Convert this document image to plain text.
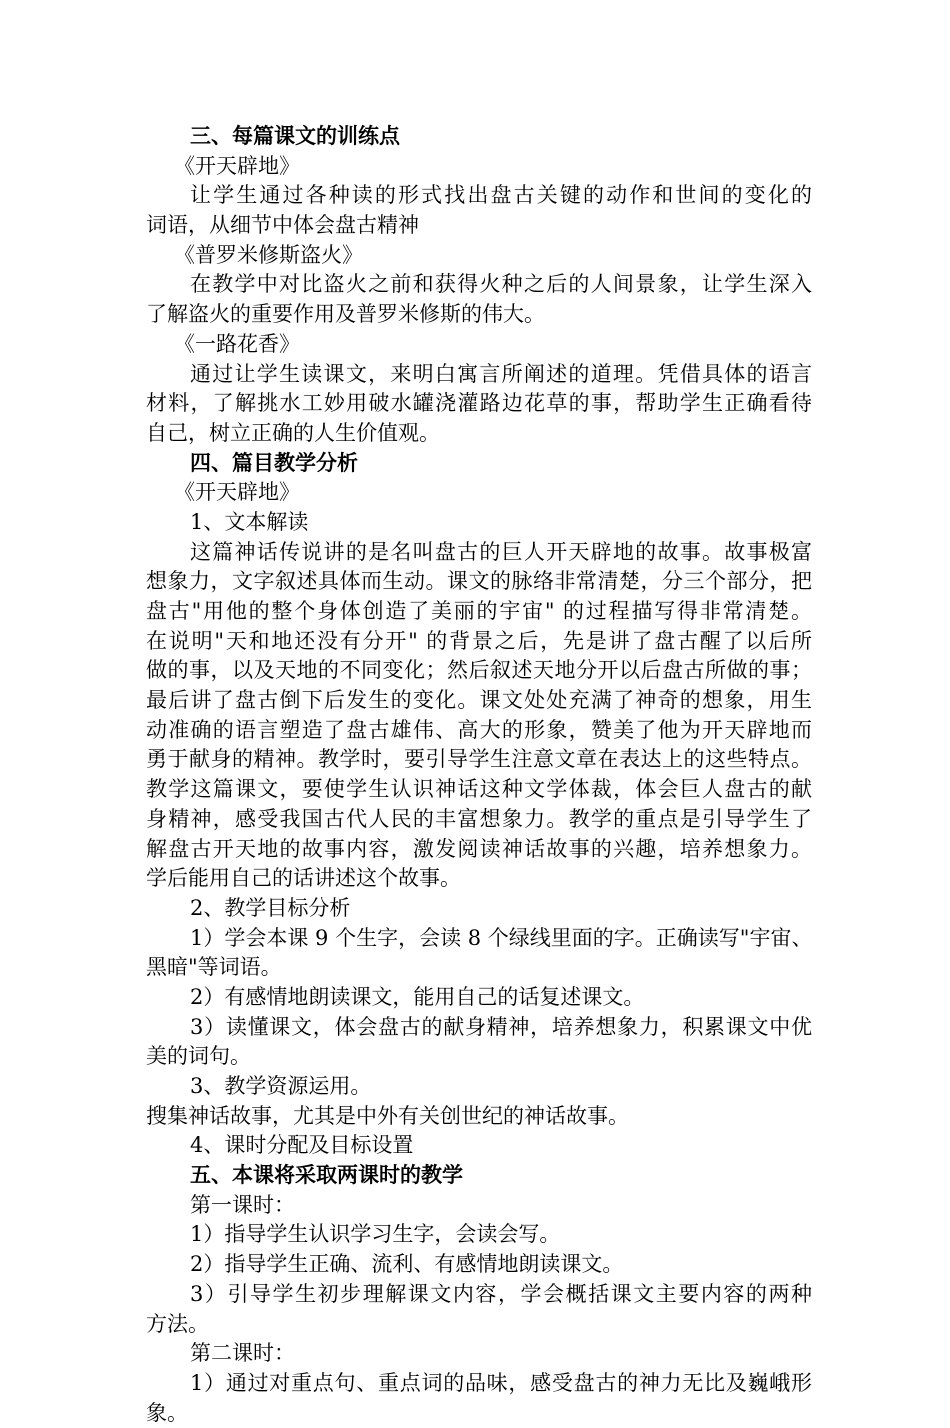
三、每篇课文的训练点
《开天辟地》
让学生通过各种读的形式找出盘古关键的动作和世间的变化的
词语，从细节中体会盘古精神
《普罗米修斯盗火》
在教学中对比盗火之前和获得火种之后的人间景象，让学生深入
了解盗火的重要作用及普罗米修斯的伟大。
《一路花香》
通过让学生读课文，来明白寓言所阐述的道理。凭借具体的语言
材料，了解挑水工妙用破水罐浇灌路边花草的事，帮助学生正确看待
自己，树立正确的人生价值观。
四、篇目教学分析
《开天辟地》
1、文本解读
这篇神话传说讲的是名叫盘古的巨人开天辟地的故事。故事极富
想象力，文字叙述具体而生动。课文的脉络非常清楚，分三个部分，把
盘古"用他的整个身体创造了美丽的宇宙" 的过程描写得非常清楚。
在说明"天和地还没有分开" 的背景之后，先是讲了盘古醒了以后所
做的事，以及天地的不同变化；然后叙述天地分开以后盘古所做的事；
最后讲了盘古倒下后发生的变化。课文处处充满了神奇的想象，用生
动准确的语言塑造了盘古雄伟、高大的形象，赞美了他为开天辟地而
勇于献身的精神。教学时，要引导学生注意文章在表达上的这些特点。
教学这篇课文，要使学生认识神话这种文学体裁，体会巨人盘古的献
身精神，感受我国古代人民的丰富想象力。教学的重点是引导学生了
解盘古开天地的故事内容，激发阅读神话故事的兴趣，培养想象力。
学后能用自己的话讲述这个故事。
2、教学目标分析
1）学会本课 9 个生字，会读 8 个绿线里面的字。正确读写"宇宙、
黑暗"等词语。
2）有感情地朗读课文，能用自己的话复述课文。
3）读懂课文，体会盘古的献身精神，培养想象力，积累课文中优
美的词句。
3、教学资源运用。
搜集神话故事，尤其是中外有关创世纪的神话故事。
4、课时分配及目标设置
五、本课将采取两课时的教学
第一课时：
1）指导学生认识学习生字，会读会写。
2）指导学生正确、流利、有感情地朗读课文。
3）引导学生初步理解课文内容，学会概括课文主要内容的两种
方法。
第二课时：
1）通过对重点句、重点词的品味，感受盘古的神力无比及巍峨形
象。
